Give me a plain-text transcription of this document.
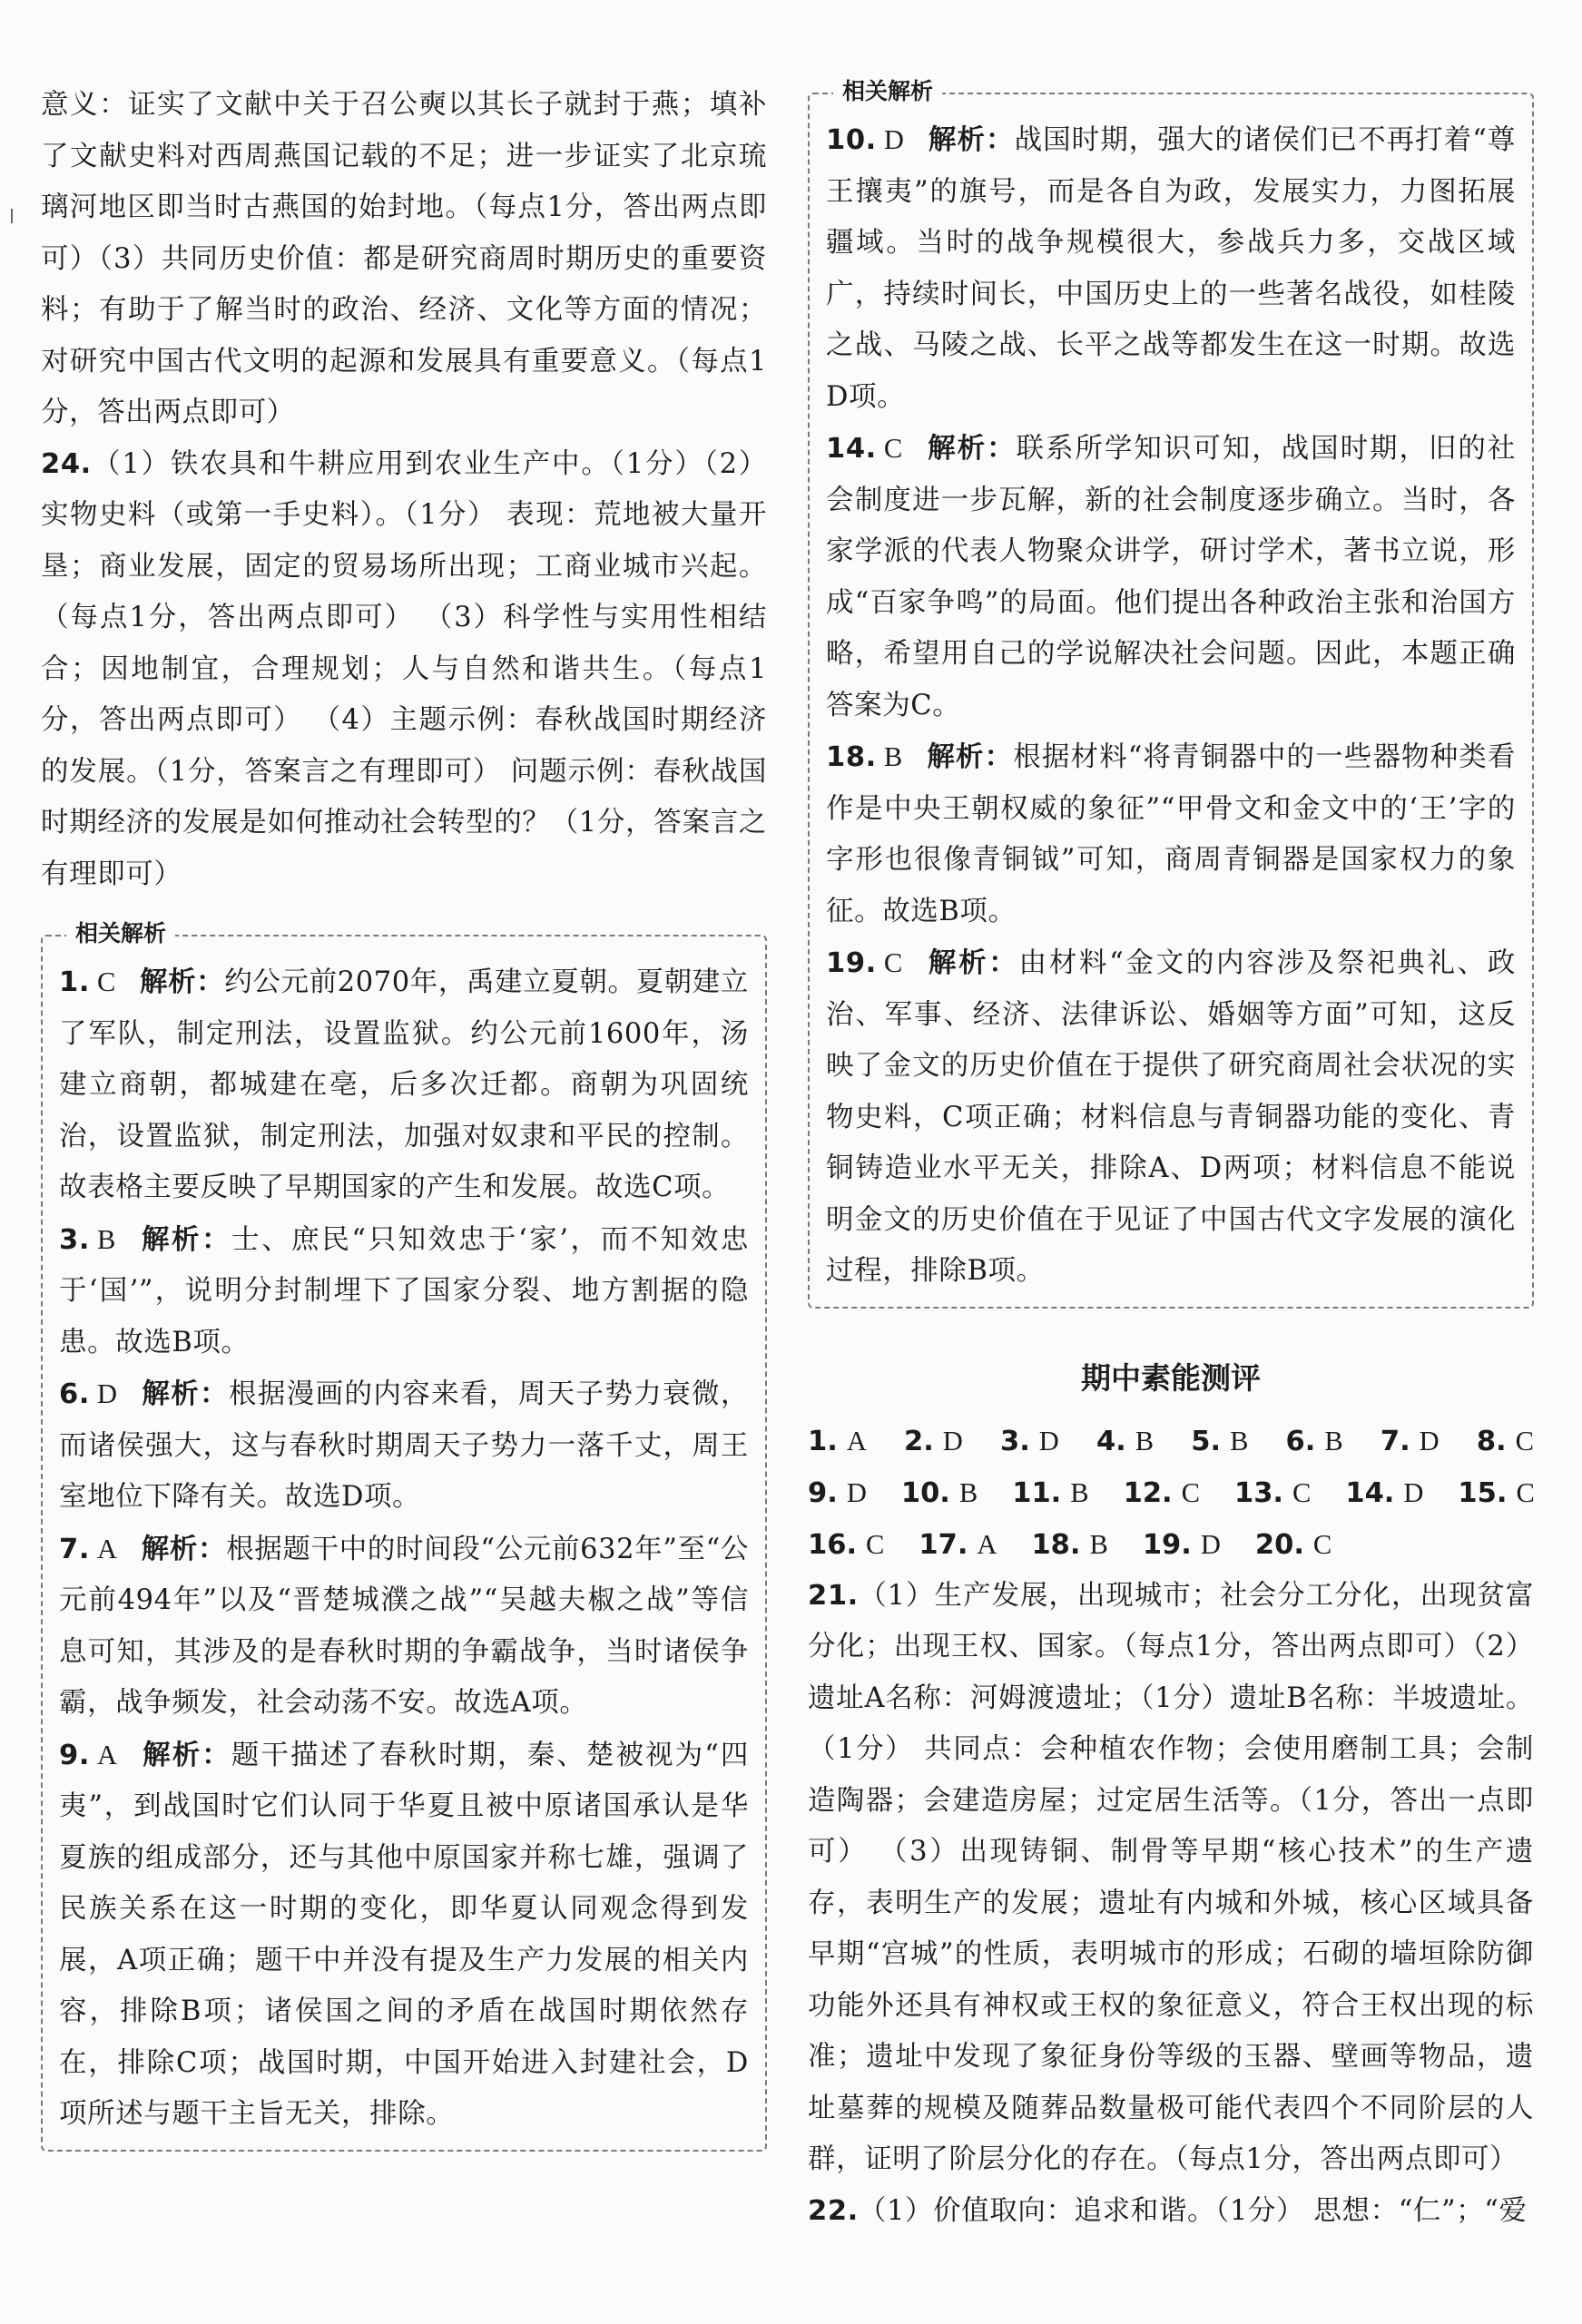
意义：证实了文献中关于召公奭以其长子就封于燕；填补了文献史料对西周燕国记载的不足；进一步证实了北京琉璃河地区即当时古燕国的始封地。（每点1分，答出两点即可）（3）共同历史价值：都是研究商周时期历史的重要资料；有助于了解当时的政治、经济、文化等方面的情况；对研究中国古代文明的起源和发展具有重要意义。（每点1分，答出两点即可）

24.（1）铁农具和牛耕应用到农业生产中。（1分）（2）实物史料（或第一手史料）。（1分） 表现：荒地被大量开垦；商业发展，固定的贸易场所出现；工商业城市兴起。（每点1分，答出两点即可） （3）科学性与实用性相结合；因地制宜，合理规划；人与自然和谐共生。（每点1分，答出两点即可） （4）主题示例：春秋战国时期经济的发展。（1分，答案言之有理即可） 问题示例：春秋战国时期经济的发展是如何推动社会转型的？（1分，答案言之有理即可）

相关解析

1. C 解析：约公元前2070年，禹建立夏朝。夏朝建立了军队，制定刑法，设置监狱。约公元前1600年，汤建立商朝，都城建在亳，后多次迁都。商朝为巩固统治，设置监狱，制定刑法，加强对奴隶和平民的控制。故表格主要反映了早期国家的产生和发展。故选C项。

3. B 解析：士、庶民“只知效忠于‘家’，而不知效忠于‘国’”，说明分封制埋下了国家分裂、地方割据的隐患。故选B项。

6. D 解析：根据漫画的内容来看，周天子势力衰微，而诸侯强大，这与春秋时期周天子势力一落千丈，周王室地位下降有关。故选D项。

7. A 解析：根据题干中的时间段“公元前632年”至“公元前494年”以及“晋楚城濮之战”“吴越夫椒之战”等信息可知，其涉及的是春秋时期的争霸战争，当时诸侯争霸，战争频发，社会动荡不安。故选A项。

9. A 解析：题干描述了春秋时期，秦、楚被视为“四夷”，到战国时它们认同于华夏且被中原诸国承认是华夏族的组成部分，还与其他中原国家并称七雄，强调了民族关系在这一时期的变化，即华夏认同观念得到发展，A项正确；题干中并没有提及生产力发展的相关内容，排除B项；诸侯国之间的矛盾在战国时期依然存在，排除C项；战国时期，中国开始进入封建社会，D项所述与题干主旨无关，排除。

相关解析

10. D 解析：战国时期，强大的诸侯们已不再打着“尊王攘夷”的旗号，而是各自为政，发展实力，力图拓展疆域。当时的战争规模很大，参战兵力多，交战区域广，持续时间长，中国历史上的一些著名战役，如桂陵之战、马陵之战、长平之战等都发生在这一时期。故选D项。

14. C 解析：联系所学知识可知，战国时期，旧的社会制度进一步瓦解，新的社会制度逐步确立。当时，各家学派的代表人物聚众讲学，研讨学术，著书立说，形成“百家争鸣”的局面。他们提出各种政治主张和治国方略，希望用自己的学说解决社会问题。因此，本题正确答案为C。

18. B 解析：根据材料“将青铜器中的一些器物种类看作是中央王朝权威的象征”“甲骨文和金文中的‘王’字的字形也很像青铜钺”可知，商周青铜器是国家权力的象征。故选B项。

19. C 解析：由材料“金文的内容涉及祭祀典礼、政治、军事、经济、法律诉讼、婚姻等方面”可知，这反映了金文的历史价值在于提供了研究商周社会状况的实物史料，C项正确；材料信息与青铜器功能的变化、青铜铸造业水平无关，排除A、D两项；材料信息不能说明金文的历史价值在于见证了中国古代文字发展的演化过程，排除B项。

期中素能测评

1. A 2. D 3. D 4. B 5. B 6. B 7. D 8. C

9. D 10. B 11. B 12. C 13. C 14. D 15. C

16. C 17. A 18. B 19. D 20. C

21.（1）生产发展，出现城市；社会分工分化，出现贫富分化；出现王权、国家。（每点1分，答出两点即可）（2）遗址A名称：河姆渡遗址；（1分）遗址B名称：半坡遗址。（1分） 共同点：会种植农作物；会使用磨制工具；会制造陶器；会建造房屋；过定居生活等。（1分，答出一点即可） （3）出现铸铜、制骨等早期“核心技术”的生产遗存，表明生产的发展；遗址有内城和外城，核心区域具备早期“宫城”的性质，表明城市的形成；石砌的墙垣除防御功能外还具有神权或王权的象征意义，符合王权出现的标准；遗址中发现了象征身份等级的玉器、壁画等物品，遗址墓葬的规模及随葬品数量极可能代表四个不同阶层的人群，证明了阶层分化的存在。（每点1分，答出两点即可）

22.（1）价值取向：追求和谐。（1分） 思想：“仁”；“爱
